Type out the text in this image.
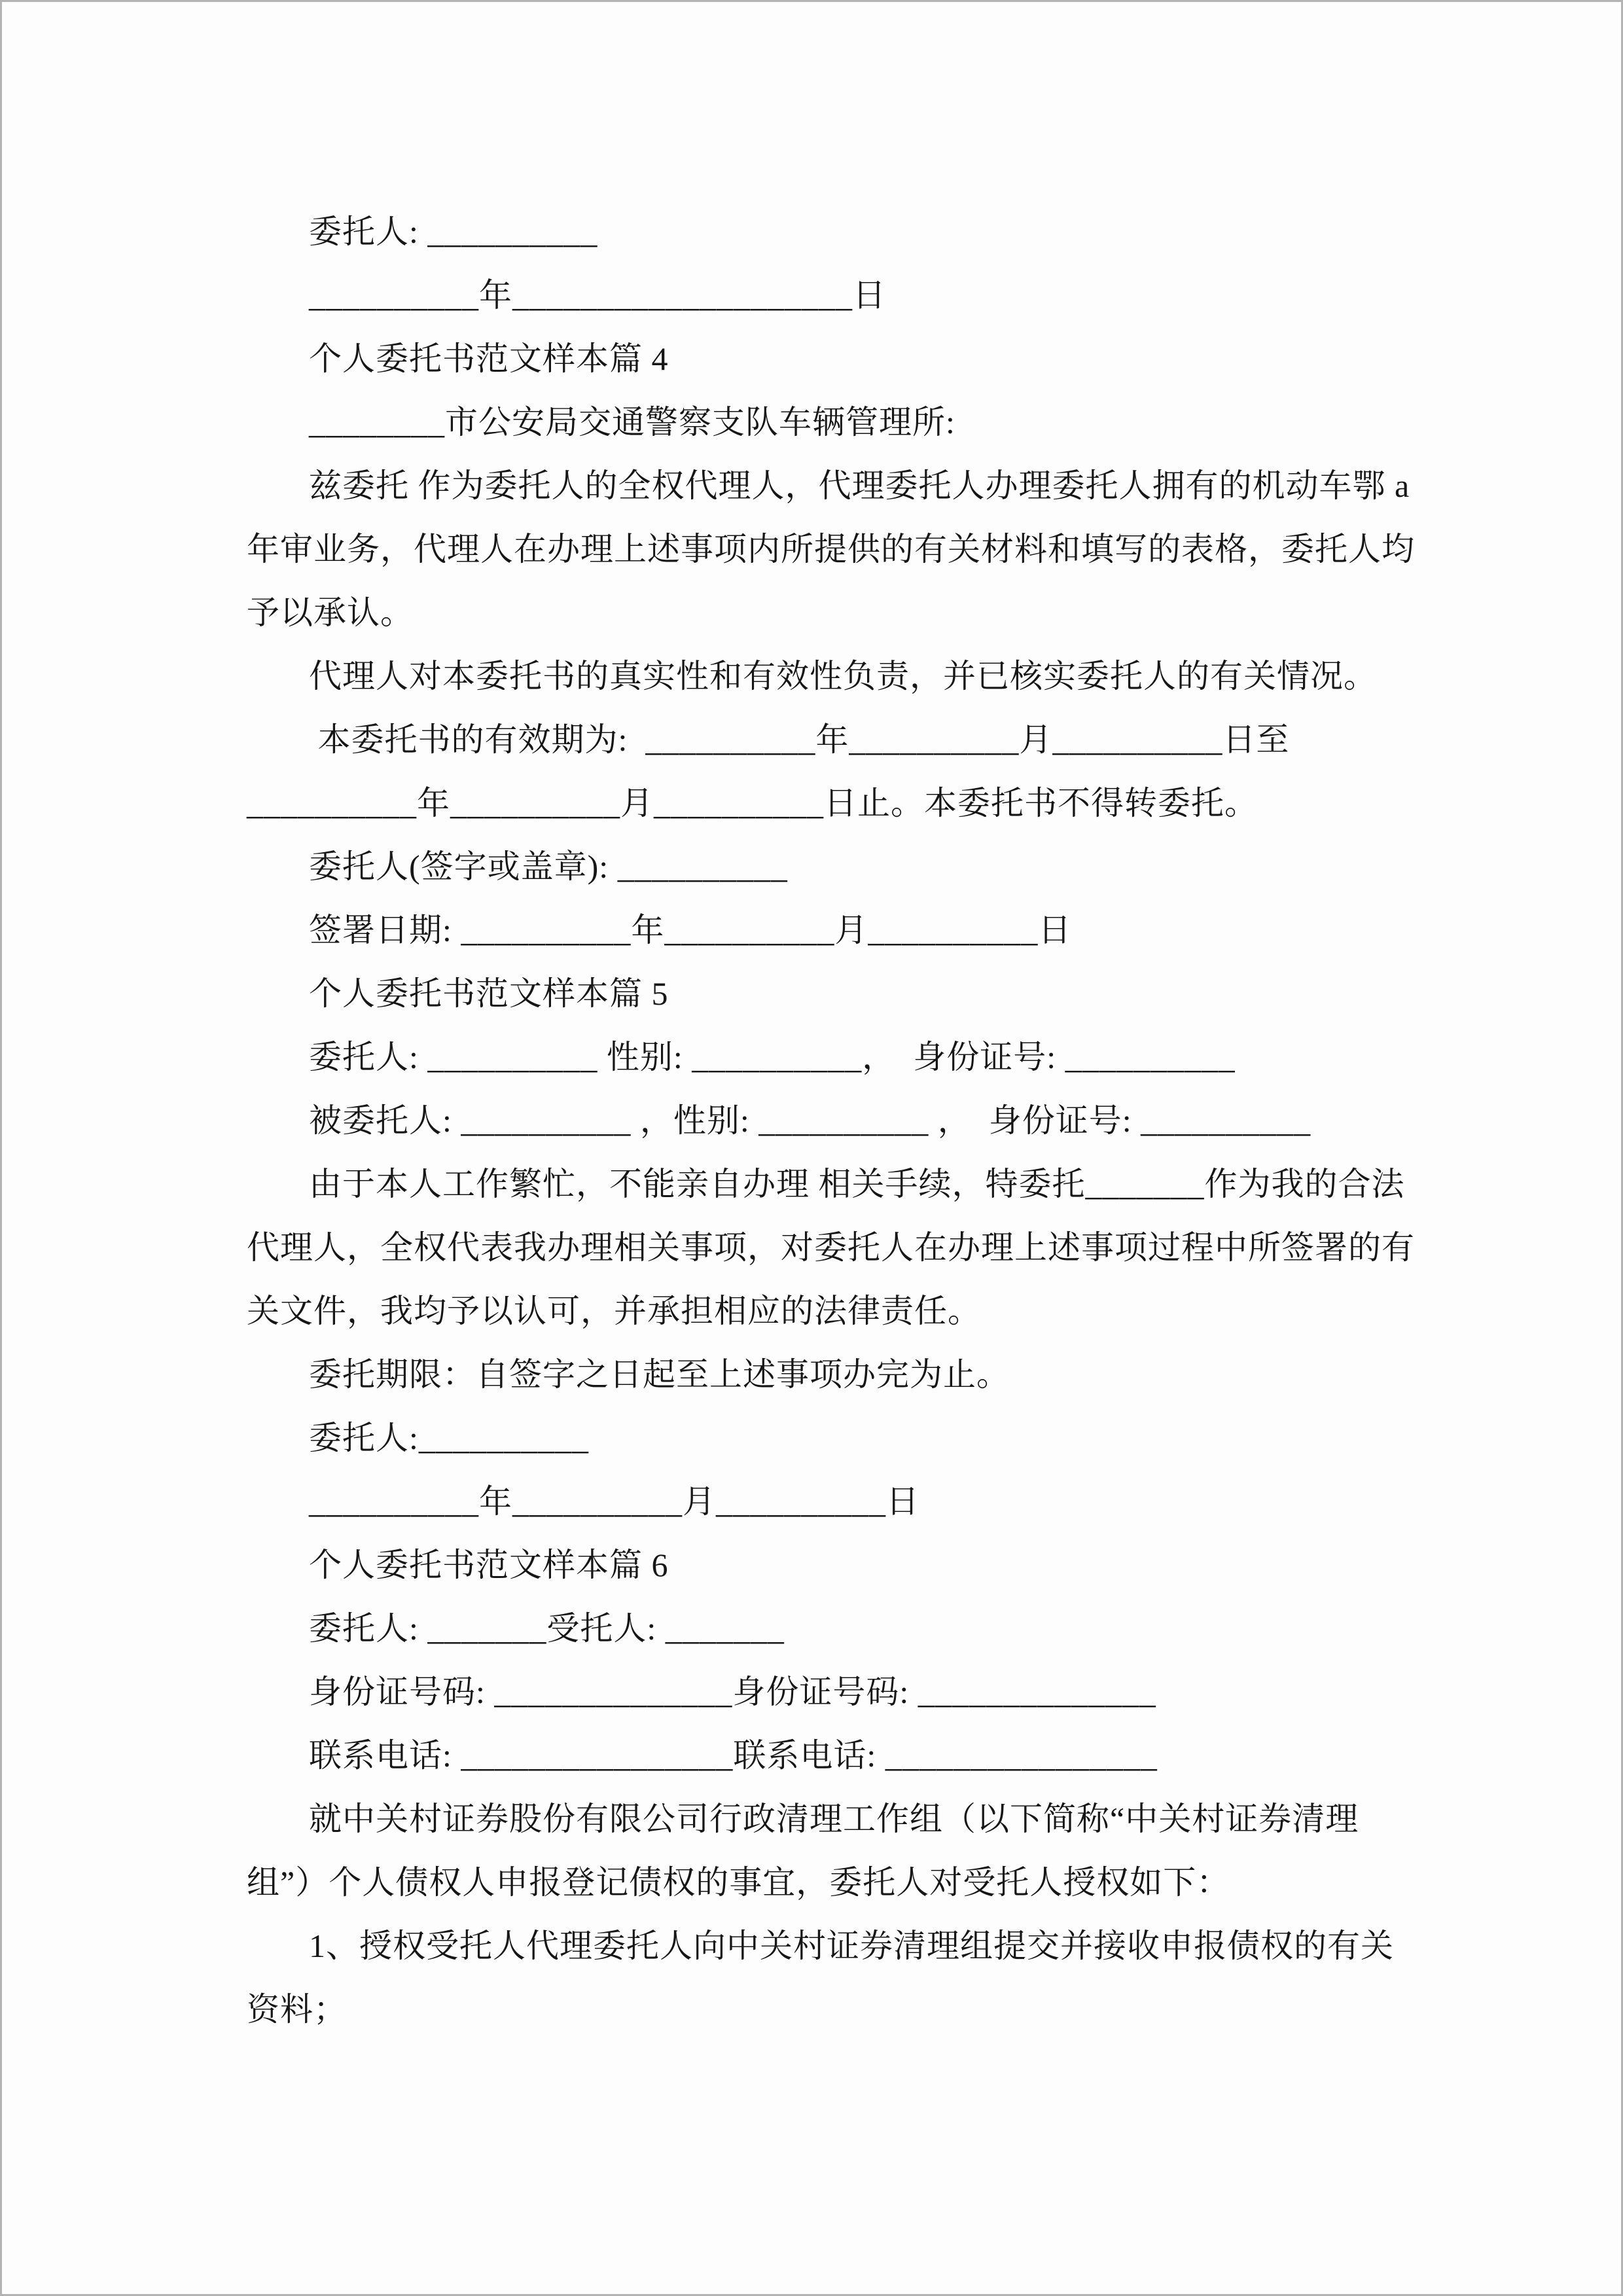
委托人: __________
__________年____________________日
个人委托书范文样本篇 4
________市公安局交通警察支队车辆管理所:
兹委托 作为委托人的全权代理人，代理委托人办理委托人拥有的机动车鄂 a
年审业务，代理人在办理上述事项内所提供的有关材料和填写的表格，委托人均
予以承认。
代理人对本委托书的真实性和有效性负责，并已核实委托人的有关情况。
本委托书的有效期为:  __________年__________月__________日至
__________年__________月__________日止。本委托书不得转委托。
委托人(签字或盖章): __________
签署日期: __________年__________月__________日
个人委托书范文样本篇 5
委托人: __________ 性别: __________，  身份证号: __________
被委托人: __________ ，性别: __________ ，  身份证号: __________
由于本人工作繁忙，不能亲自办理 相关手续，特委托_______作为我的合法
代理人，全权代表我办理相关事项，对委托人在办理上述事项过程中所签署的有
关文件，我均予以认可，并承担相应的法律责任。
委托期限：自签字之日起至上述事项办完为止。
委托人:__________
__________年__________月__________日
个人委托书范文样本篇 6
委托人: _______受托人: _______
身份证号码: ______________身份证号码: ______________
联系电话: ________________联系电话: ________________
就中关村证券股份有限公司行政清理工作组（以下简称“中关村证券清理
组”）个人债权人申报登记债权的事宜，委托人对受托人授权如下：
1、授权受托人代理委托人向中关村证券清理组提交并接收申报债权的有关
资料；
